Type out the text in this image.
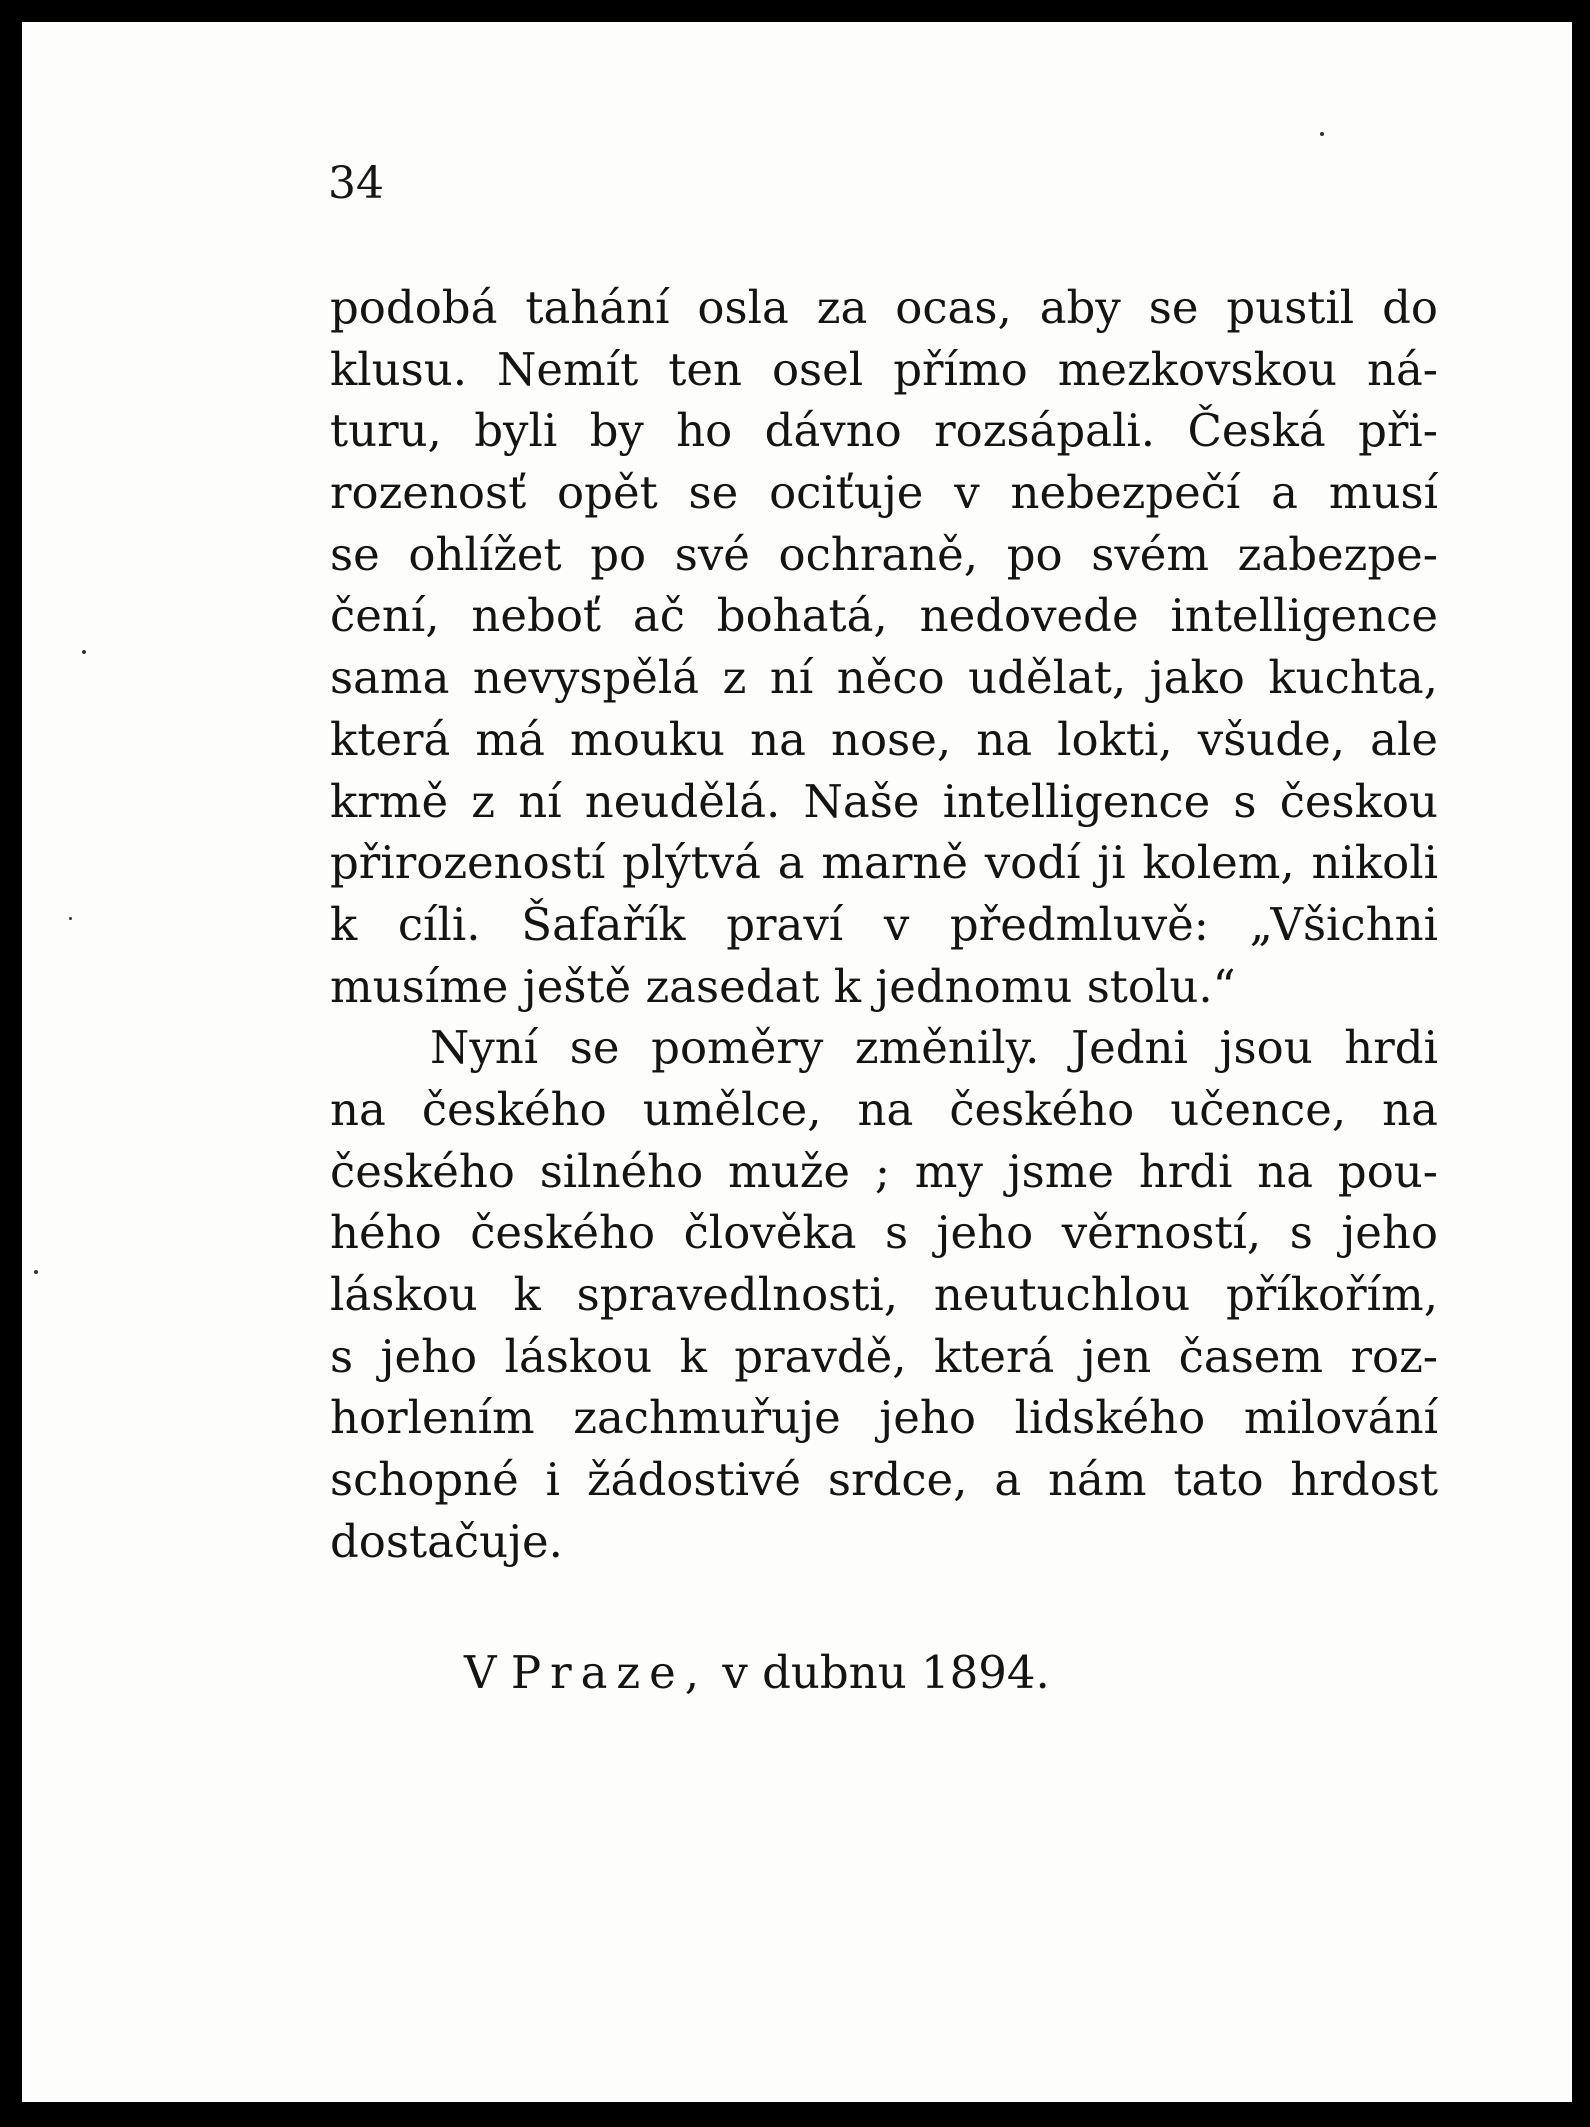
34
podobá tahání osla za ocas, aby se pustil do
klusu. Nemít ten osel přímo mezkovskou ná-
turu, byli by ho dávno rozsápali. Česká při-
rozenosť opět se ociťuje v nebezpečí a musí
se ohlížet po své ochraně, po svém zabezpe-
čení, neboť ač bohatá, nedovede intelligence
sama nevyspělá z ní něco udělat, jako kuchta,
která má mouku na nose, na lokti, všude, ale
krmě z ní neudělá. Naše intelligence s českou
přirozeností plýtvá a marně vodí ji kolem, nikoli
k cíli. Šafařík praví v předmluvě: „Všichni
musíme ještě zasedat k jednomu stolu.“
Nyní se poměry změnily. Jedni jsou hrdi
na českého umělce, na českého učence, na
českého silného muže ; my jsme hrdi na pou-
hého českého člověka s jeho věrností, s jeho
láskou k spravedlnosti, neutuchlou příkořím,
s jeho láskou k pravdě, která jen časem roz-
horlením zachmuřuje jeho lidského milování
schopné i žádostivé srdce, a nám tato hrdost
dostačuje.
V Praze, v dubnu 1894.
